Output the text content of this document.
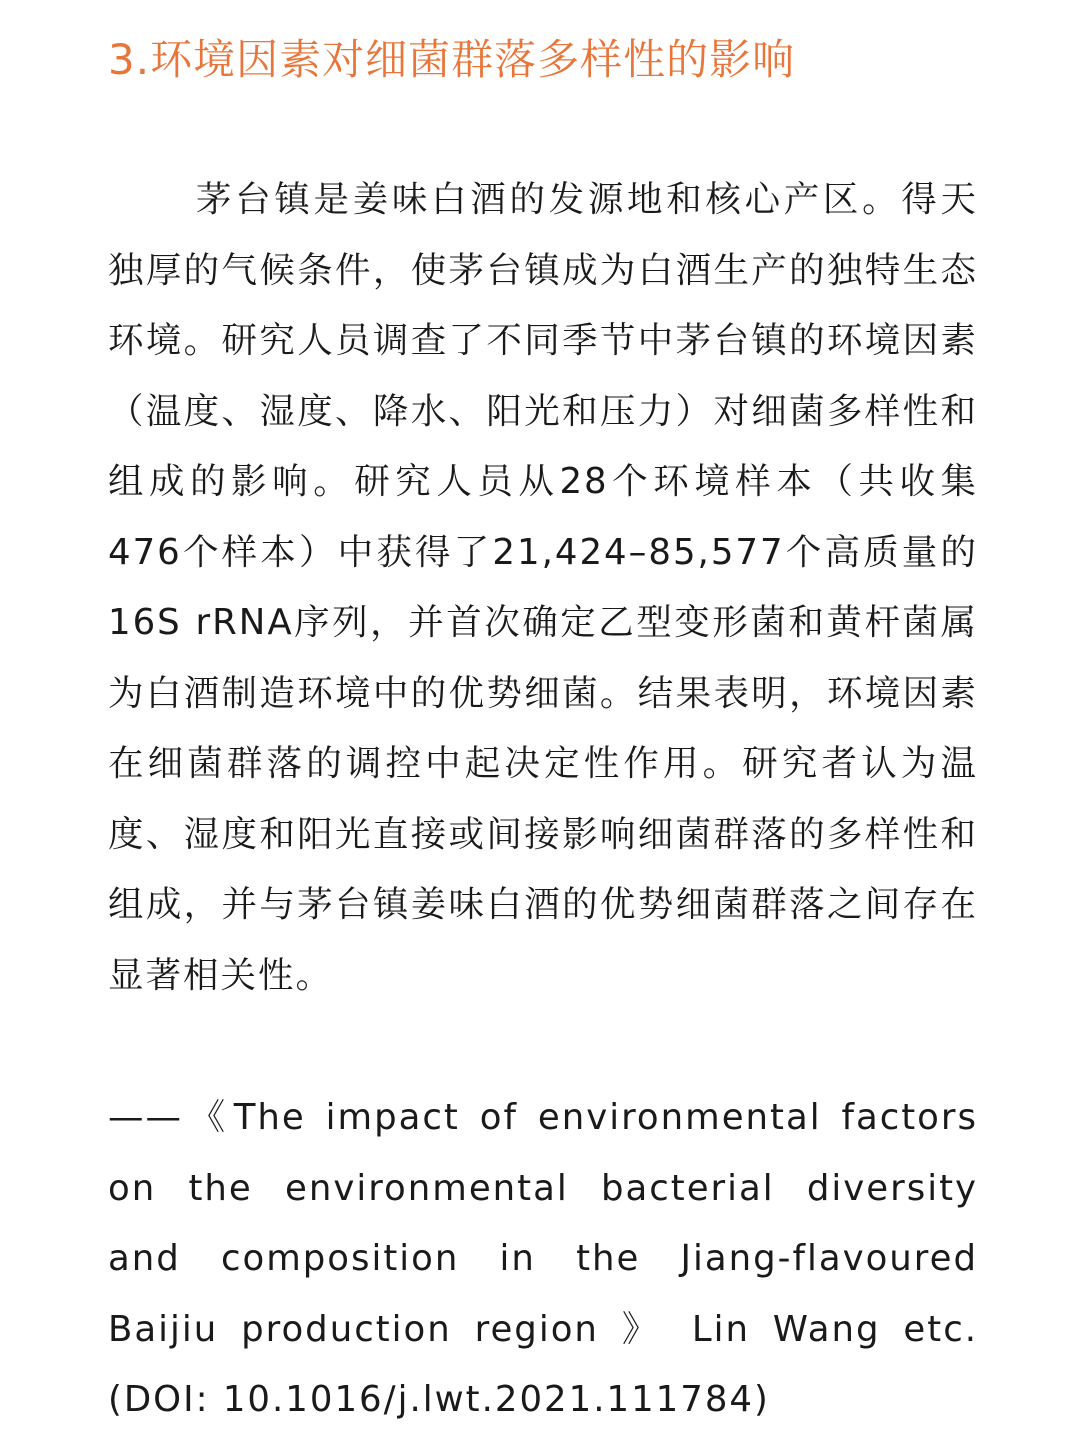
3.环境因素对细菌群落多样性的影响

茅台镇是姜味白酒的发源地和核心产区。得天独厚的气候条件，使茅台镇成为白酒生产的独特生态环境。研究人员调查了不同季节中茅台镇的环境因素（温度、湿度、降水、阳光和压力）对细菌多样性和组成的影响。研究人员从28个环境样本（共收集476个样本）中获得了21,424–85,577个高质量的16S rRNA序列，并首次确定乙型变形菌和黄杆菌属为白酒制造环境中的优势细菌。结果表明，环境因素在细菌群落的调控中起决定性作用。研究者认为温度、湿度和阳光直接或间接影响细菌群落的多样性和组成，并与茅台镇姜味白酒的优势细菌群落之间存在显著相关性。

——《The impact of environmental factors on the environmental bacterial diversity and composition in the Jiang-flavoured Baijiu production region 》 Lin Wang etc.(DOI: 10.1016/j.lwt.2021.111784)
